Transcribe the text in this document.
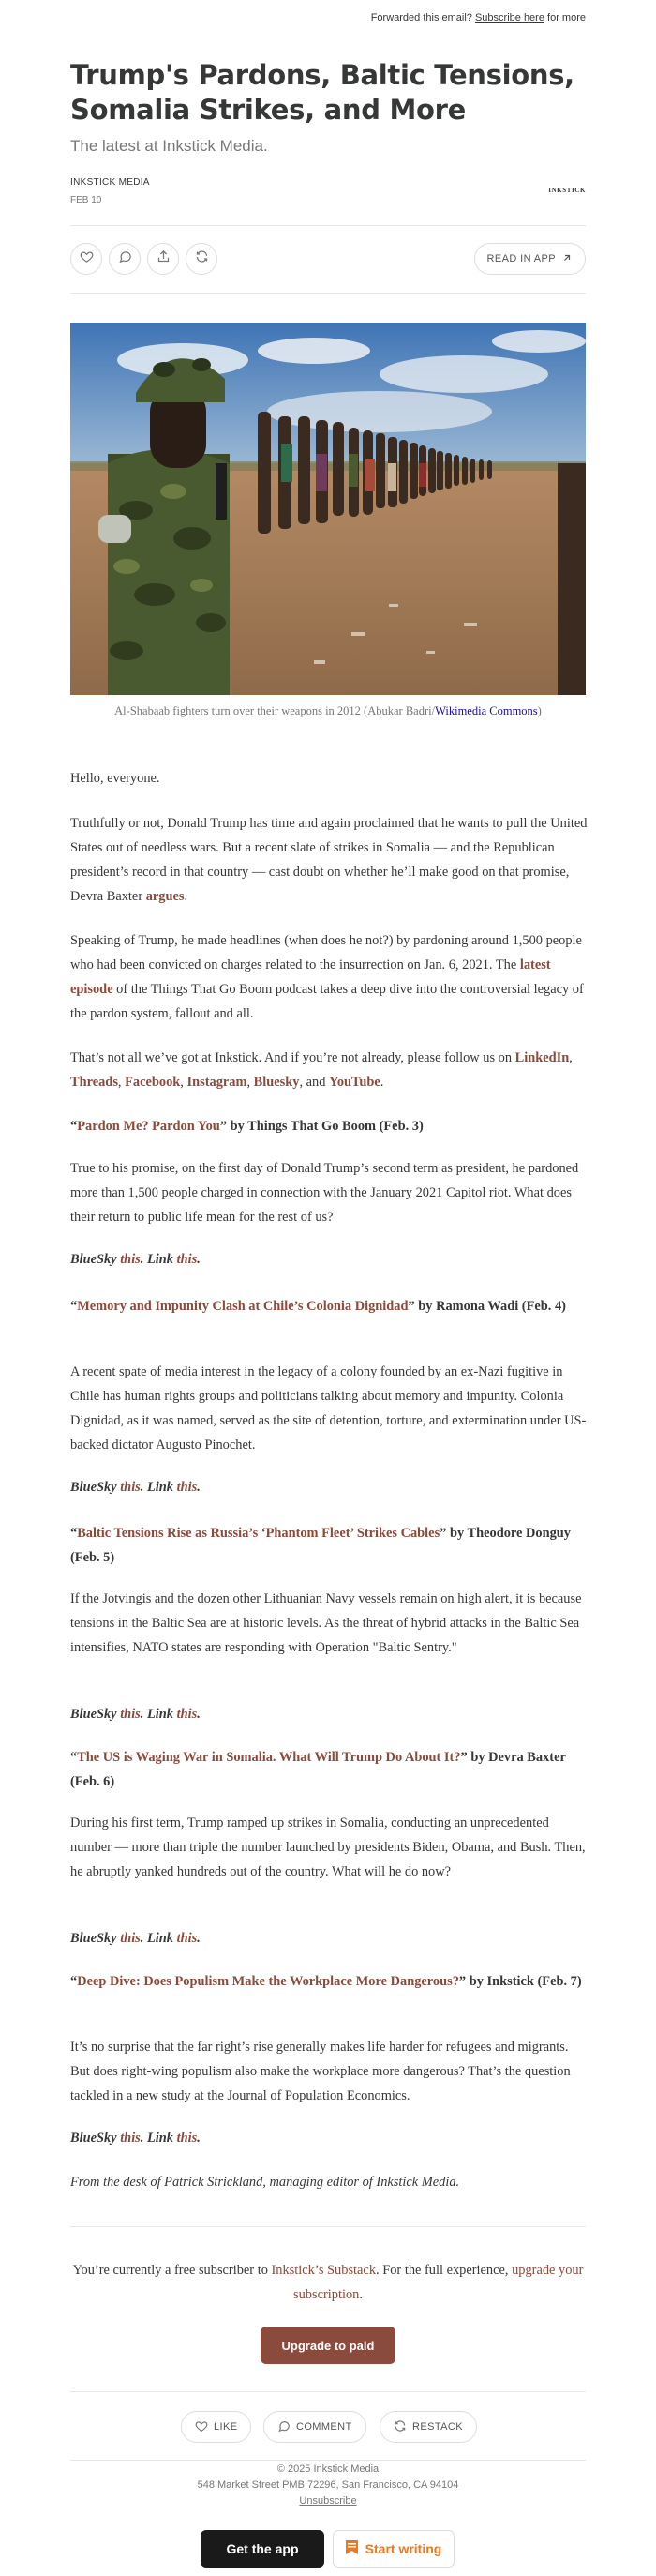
Forwarded this email? Subscribe here for more
Trump's Pardons, Baltic Tensions, Somalia Strikes, and More
The latest at Inkstick Media.
INKSTICK MEDIA
FEB 10
INKSTICK
READ IN APP
Al-Shabaab fighters turn over their weapons in 2012 (Abukar Badri/Wikimedia Commons)

Hello, everyone.

Truthfully or not, Donald Trump has time and again proclaimed that he wants to pull the United States out of needless wars. But a recent slate of strikes in Somalia — and the Republican president’s record in that country — cast doubt on whether he’ll make good on that promise, Devra Baxter argues.

Speaking of Trump, he made headlines (when does he not?) by pardoning around 1,500 people who had been convicted on charges related to the insurrection on Jan. 6, 2021. The latest episode of the Things That Go Boom podcast takes a deep dive into the controversial legacy of the pardon system, fallout and all.

That’s not all we’ve got at Inkstick. And if you’re not already, please follow us on LinkedIn, Threads, Facebook, Instagram, Bluesky, and YouTube.

“Pardon Me? Pardon You” by Things That Go Boom (Feb. 3)

True to his promise, on the first day of Donald Trump’s second term as president, he pardoned more than 1,500 people charged in connection with the January 2021 Capitol riot. What does their return to public life mean for the rest of us?

BlueSky this. Link this.

“Memory and Impunity Clash at Chile’s Colonia Dignidad” by Ramona Wadi (Feb. 4)

A recent spate of media interest in the legacy of a colony founded by an ex-Nazi fugitive in Chile has human rights groups and politicians talking about memory and impunity. Colonia Dignidad, as it was named, served as the site of detention, torture, and extermination under US-backed dictator Augusto Pinochet.

BlueSky this. Link this.

“Baltic Tensions Rise as Russia’s ‘Phantom Fleet’ Strikes Cables” by Theodore Donguy (Feb. 5)

If the Jotvingis and the dozen other Lithuanian Navy vessels remain on high alert, it is because tensions in the Baltic Sea are at historic levels. As the threat of hybrid attacks in the Baltic Sea intensifies, NATO states are responding with Operation "Baltic Sentry."

BlueSky this. Link this.

“The US is Waging War in Somalia. What Will Trump Do About It?” by Devra Baxter (Feb. 6)

During his first term, Trump ramped up strikes in Somalia, conducting an unprecedented number — more than triple the number launched by presidents Biden, Obama, and Bush. Then, he abruptly yanked hundreds out of the country. What will he do now?

BlueSky this. Link this.

“Deep Dive: Does Populism Make the Workplace More Dangerous?” by Inkstick (Feb. 7)

It’s no surprise that the far right’s rise generally makes life harder for refugees and migrants. But does right-wing populism also make the workplace more dangerous? That’s the question tackled in a new study at the Journal of Population Economics.

BlueSky this. Link this.

From the desk of Patrick Strickland, managing editor of Inkstick Media.

You’re currently a free subscriber to Inkstick’s Substack. For the full experience, upgrade your subscription.
Upgrade to paid
LIKE	COMMENT	RESTACK
© 2025 Inkstick Media
548 Market Street PMB 72296, San Francisco, CA 94104
Unsubscribe
Get the app	Start writing
